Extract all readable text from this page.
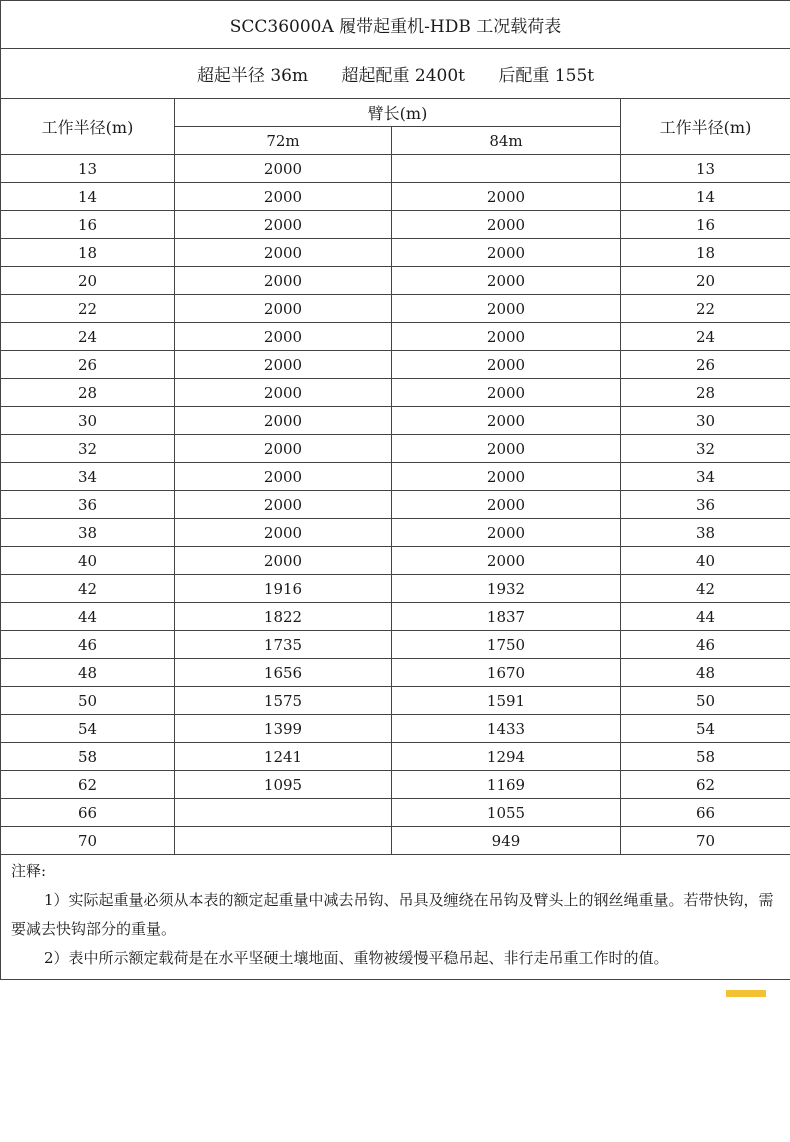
SCC36000A 履带起重机-HDB 工况载荷表			
超起半径 36m 超起配重 2400t 后配重 155t			
工作半径(m)	臂长(m)		工作半径(m)
	72m	84m	
13	2000		13
14	2000	2000	14
16	2000	2000	16
18	2000	2000	18
20	2000	2000	20
22	2000	2000	22
24	2000	2000	24
26	2000	2000	26
28	2000	2000	28
30	2000	2000	30
32	2000	2000	32
34	2000	2000	34
36	2000	2000	36
38	2000	2000	38
40	2000	2000	40
42	1916	1932	42
44	1822	1837	44
46	1735	1750	46
48	1656	1670	48
50	1575	1591	50
54	1399	1433	54
58	1241	1294	58
62	1095	1169	62
66		1055	66
70		949	70

注释:

1）实际起重量必须从本表的额定起重量中减去吊钩、吊具及缠绕在吊钩及臂头上的钢丝绳重量。若带快钩，需要减去快钩部分的重量。

2）表中所示额定载荷是在水平坚硬土壤地面、重物被缓慢平稳吊起、非行走吊重工作时的值。			
